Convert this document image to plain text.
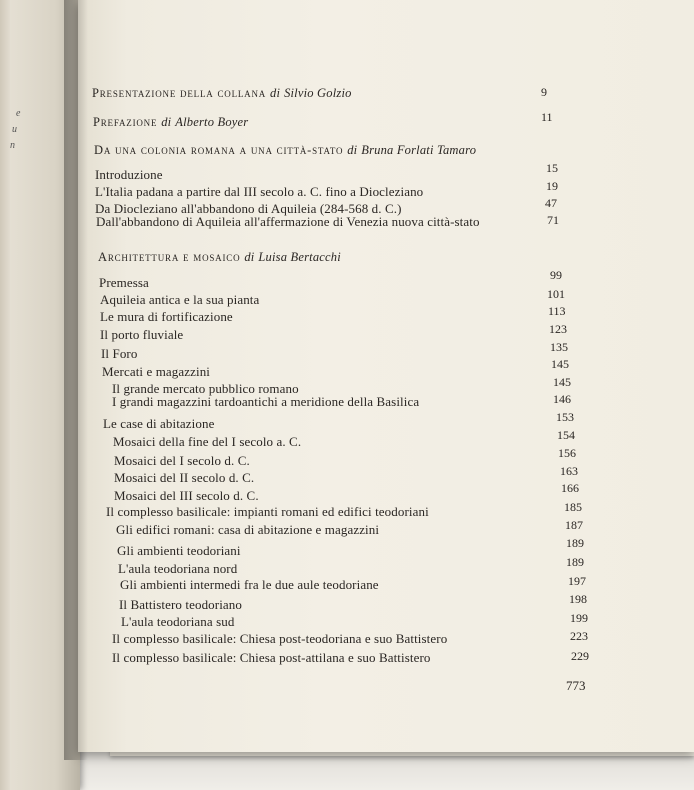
e
u
n
Presentazione della collana di Silvio Golzio	9
Prefazione di Alberto Boyer	11
Da una colonia romana a una città-stato di Bruna Forlati Tamaro
Introduzione	15
L'Italia padana a partire dal III secolo a. C. fino a Diocleziano	19
Da Diocleziano all'abbandono di Aquileia (284-568 d. C.)	47
Dall'abbandono di Aquileia all'affermazione di Venezia nuova città-stato	71
Architettura e mosaico di Luisa Bertacchi
Premessa	99
Aquileia antica e la sua pianta	101
Le mura di fortificazione	113
Il porto fluviale	123
Il Foro	135
Mercati e magazzini	145
Il grande mercato pubblico romano	145
I grandi magazzini tardoantichi a meridione della Basilica	146
Le case di abitazione	153
Mosaici della fine del I secolo a. C.	154
Mosaici del I secolo d. C.	156
Mosaici del II secolo d. C.	163
Mosaici del III secolo d. C.	166
Il complesso basilicale: impianti romani ed edifici teodoriani	185
Gli edifici romani: casa di abitazione e magazzini	187
Gli ambienti teodoriani	189
L'aula teodoriana nord	189
Gli ambienti intermedi fra le due aule teodoriane	197
Il Battistero teodoriano	198
L'aula teodoriana sud	199
Il complesso basilicale: Chiesa post-teodoriana e suo Battistero	223
Il complesso basilicale: Chiesa post-attilana e suo Battistero	229
773
